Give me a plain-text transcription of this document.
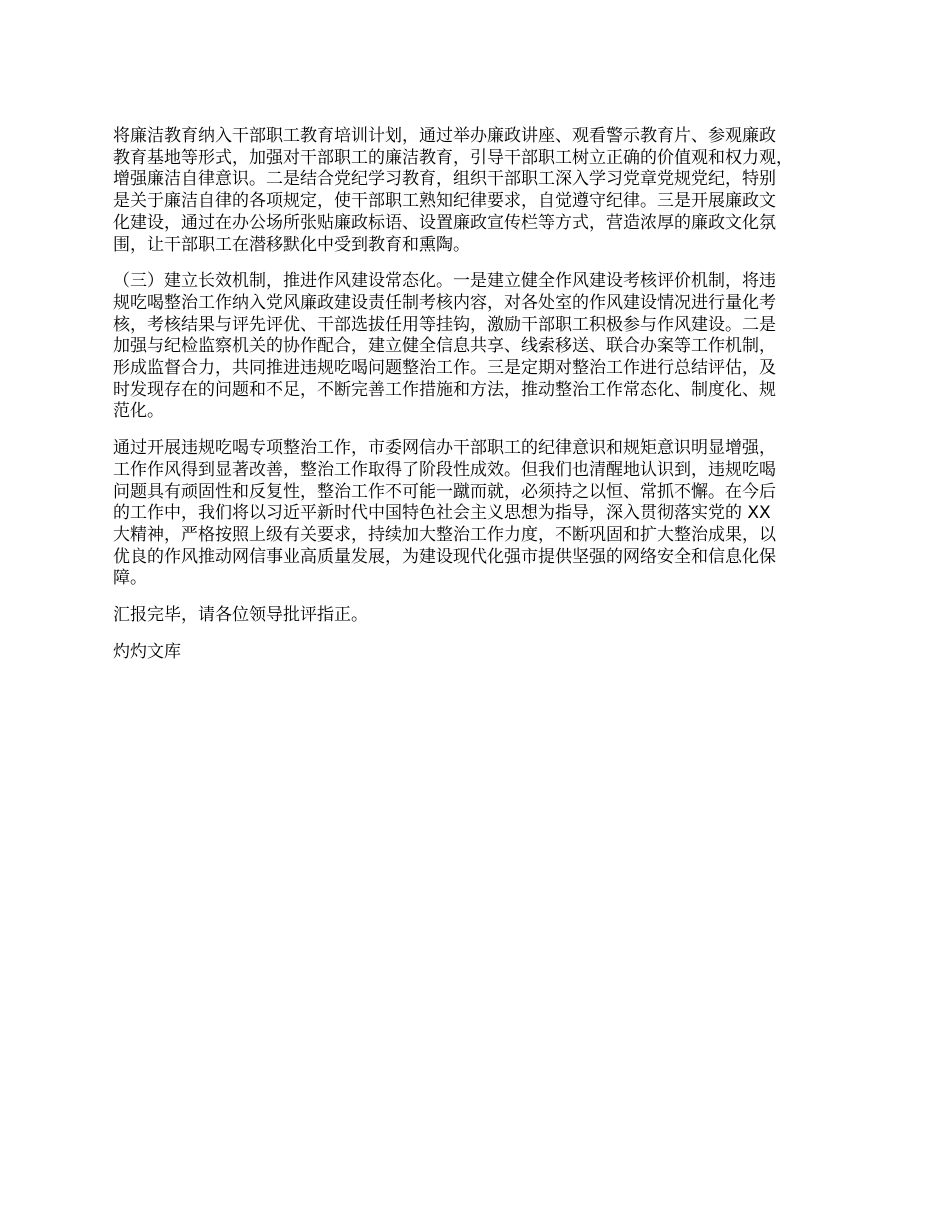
将廉洁教育纳入干部职工教育培训计划，通过举办廉政讲座、观看警示教育片、参观廉政
教育基地等形式，加强对干部职工的廉洁教育，引导干部职工树立正确的价值观和权力观，
增强廉洁自律意识。二是结合党纪学习教育，组织干部职工深入学习党章党规党纪，特别
是关于廉洁自律的各项规定，使干部职工熟知纪律要求，自觉遵守纪律。三是开展廉政文
化建设，通过在办公场所张贴廉政标语、设置廉政宣传栏等方式，营造浓厚的廉政文化氛
围，让干部职工在潜移默化中受到教育和熏陶。

（三）建立长效机制，推进作风建设常态化。一是建立健全作风建设考核评价机制，将违
规吃喝整治工作纳入党风廉政建设责任制考核内容，对各处室的作风建设情况进行量化考
核，考核结果与评先评优、干部选拔任用等挂钩，激励干部职工积极参与作风建设。二是
加强与纪检监察机关的协作配合，建立健全信息共享、线索移送、联合办案等工作机制，
形成监督合力，共同推进违规吃喝问题整治工作。三是定期对整治工作进行总结评估，及
时发现存在的问题和不足，不断完善工作措施和方法，推动整治工作常态化、制度化、规
范化。

通过开展违规吃喝专项整治工作，市委网信办干部职工的纪律意识和规矩意识明显增强，
工作作风得到显著改善，整治工作取得了阶段性成效。但我们也清醒地认识到，违规吃喝
问题具有顽固性和反复性，整治工作不可能一蹴而就，必须持之以恒、常抓不懈。在今后
的工作中，我们将以习近平新时代中国特色社会主义思想为指导，深入贯彻落实党的 XX
大精神，严格按照上级有关要求，持续加大整治工作力度，不断巩固和扩大整治成果，以
优良的作风推动网信事业高质量发展，为建设现代化强市提供坚强的网络安全和信息化保
障。

汇报完毕，请各位领导批评指正。

灼灼文库
